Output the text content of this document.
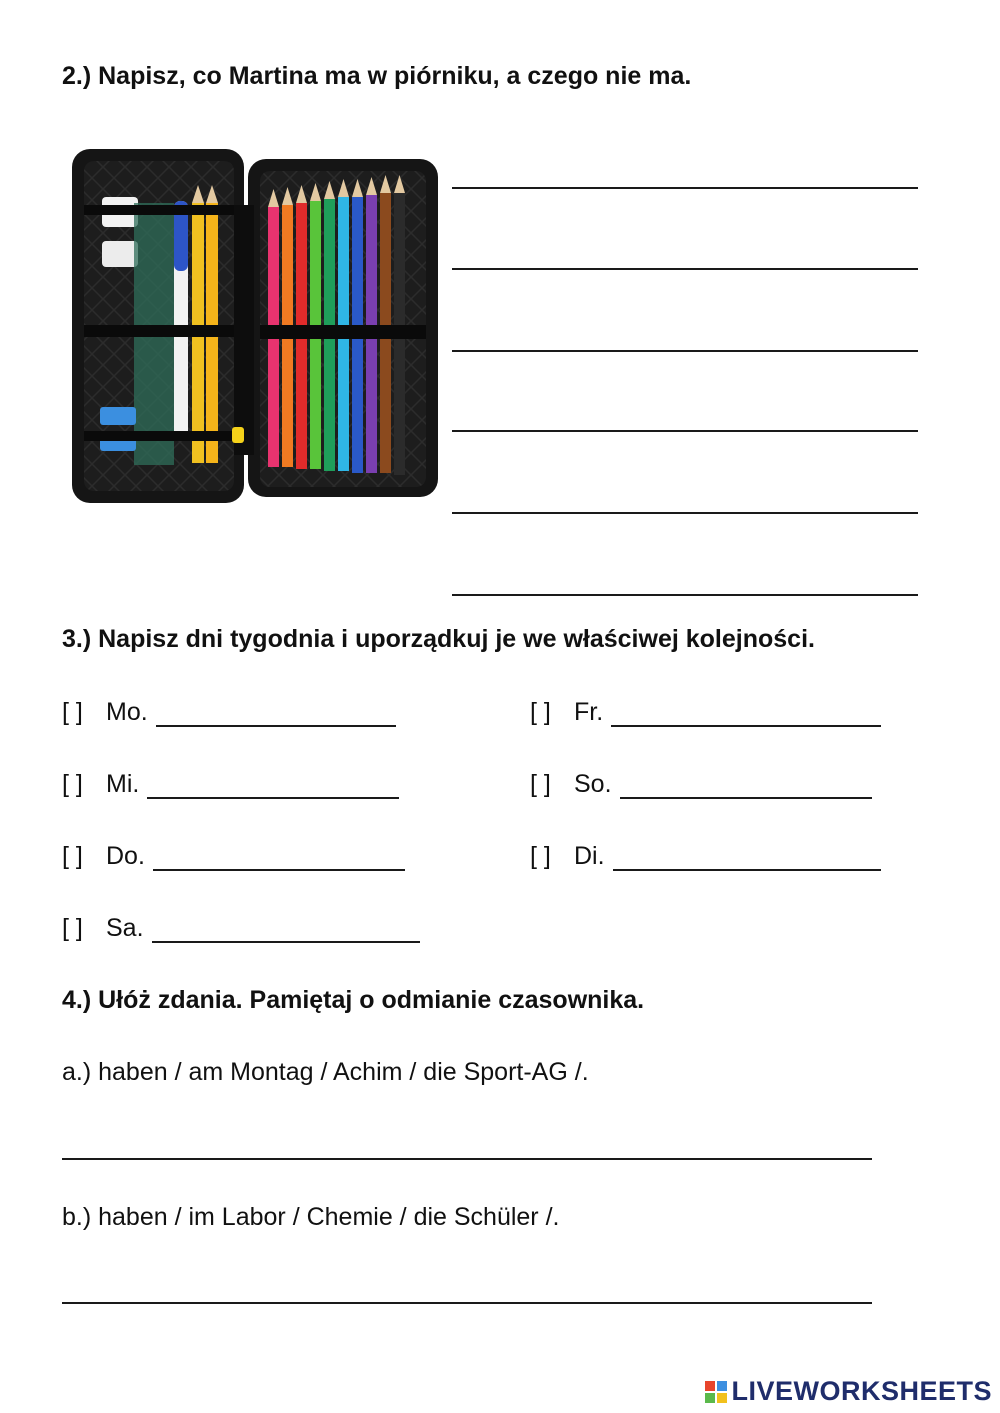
2.) Napisz, co Martina ma w piórniku, a czego nie ma.
3.) Napisz dni tygodnia i uporządkuj je we właściwej kolejności.
[ ] Mo.
[ ] Mi.
[ ] Do.
[ ] Sa.
[ ] Fr.
[ ] So.
[ ] Di.
4.) Ułóż zdania. Pamiętaj o odmianie czasownika.
a.) haben / am Montag / Achim / die Sport-AG /.
b.) haben / im Labor / Chemie / die Schüler /.
LIVEWORKSHEETS
